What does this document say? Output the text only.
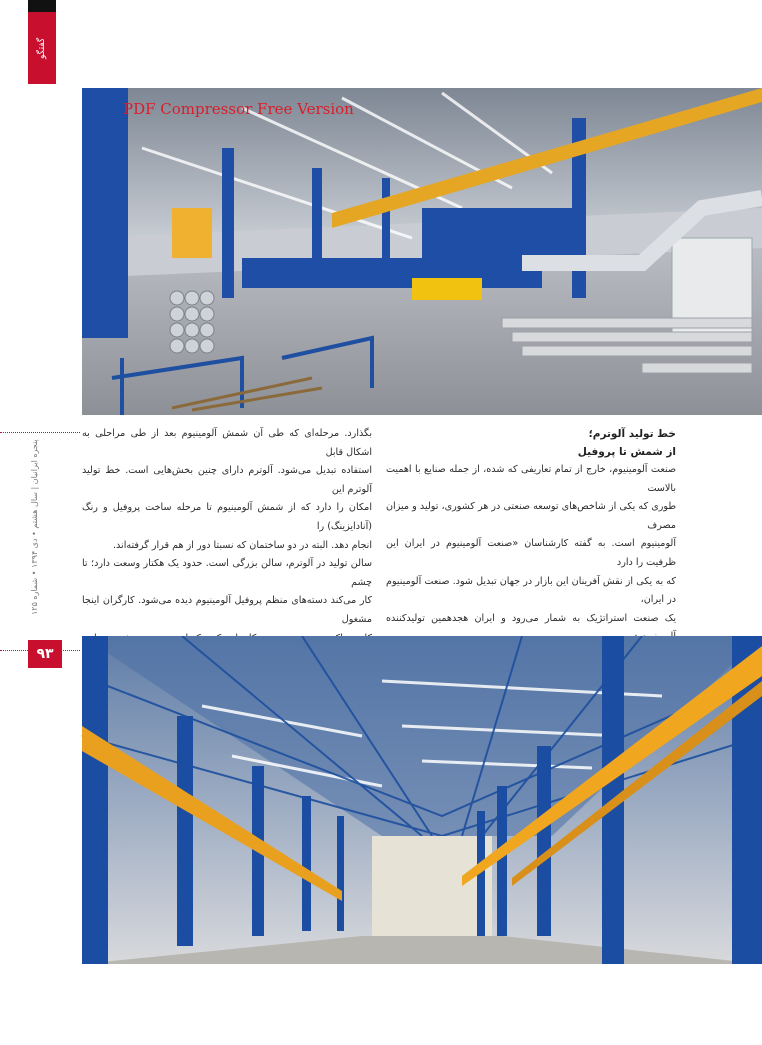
گفتگو
پنجره ایرانیان | سال هشتم • دی ۱۳۹۴ • شماره ۱۲۵
۹۳
PDF Compressor Free Version

خط تولید آلوترم؛

از شمش تا پروفیل

صنعت آلومینیوم، خارج از تمام تعاریفی که شده، از جمله صنایع با اهمیت بالاست

طوری که یکی از شاخص‌های توسعه صنعتی در هر کشوری، تولید و میزان مصرف

آلومینیوم است. به گفته کارشناسان «صنعت آلومینیوم در ایران این ظرفیت را دارد

که به یکی از نقش آفرینان این بازار در جهان تبدیل شود. صنعت آلومینیوم در ایران،

یک صنعت استراتژیک به شمار می‌رود و ایران هجدهمین تولیدکننده

بگذارد. مرحله‌ای که طی آن شمش آلومینیوم بعد از طی مراحلی به اشکال قابل

استفاده تبدیل می‌شود. آلوترم دارای چنین بخش‌هایی است. خط تولید آلوترم این

امکان را دارد که از شمش آلومینیوم تا مرحله ساخت پروفیل و رنگ (آنادایزینگ) را

انجام دهد. البته در دو ساختمان که نسبتا دور از هم قرار گرفته‌اند.

سالن تولید در آلوترم، سالن بزرگی است. حدود یک هکتار وسعت دارد؛ تا چشم

کار می‌کند دسته‌های منظم پروفیل آلومینیوم دیده می‌شود. کارگران اینجا مشغول
